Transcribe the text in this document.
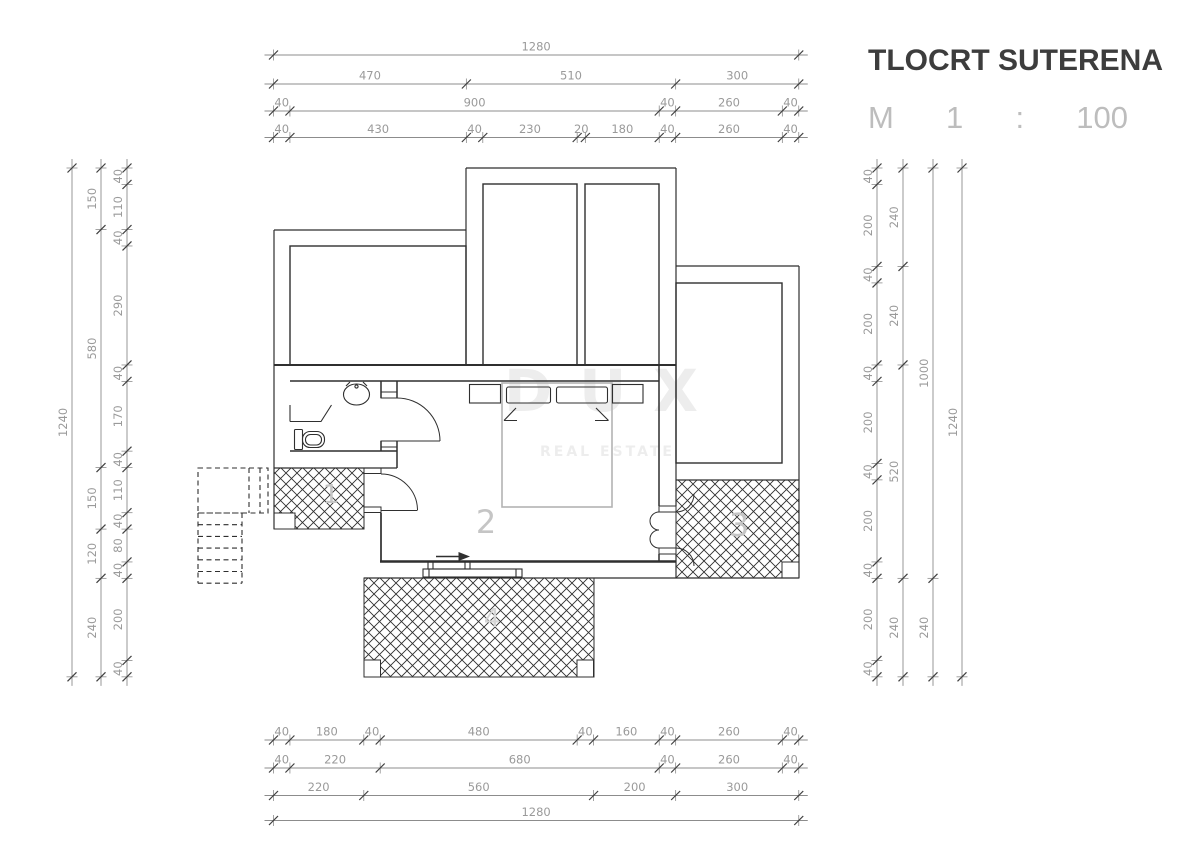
DUX
REAL ESTATE
1
2	3
4
1280
470	510	300
40	900	40	260	40
40	430	40	230	20 180 40	260	40
40 180 40	480	40 160 40	260	40
40	220	680	40	260	40
220	560	200	300
1280
1240
150
580
150
120
240
40
110
40
290
40
170
40
110
40
80
40
200
40
40
200
40
200
40
200
40
200
40
200
40
240
240
520
240
1000
240
1240
TLOCRT SUTERENA
M 1 : 100
